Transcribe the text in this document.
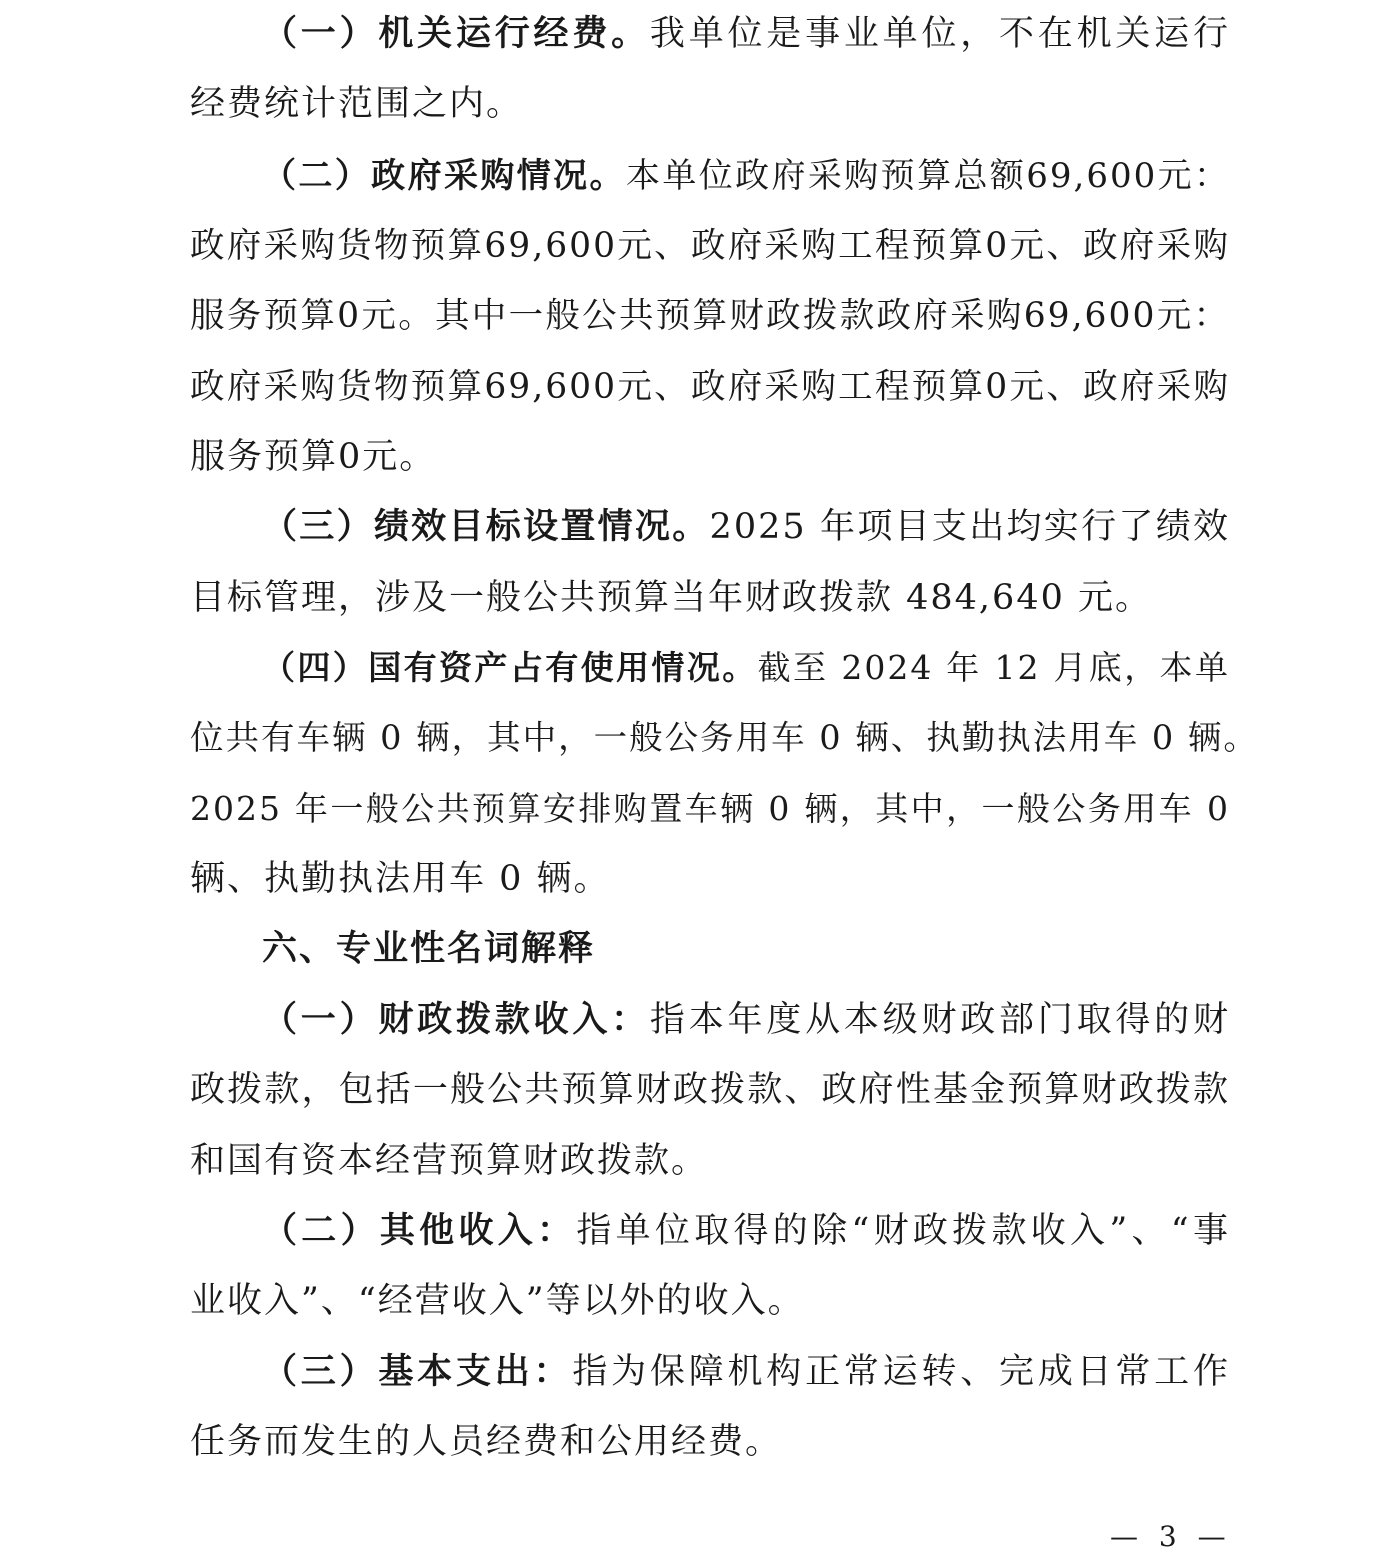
（一）机关运行经费。我单位是事业单位，不在机关运行
经费统计范围之内。
（二）政府采购情况。本单位政府采购预算总额69,600元：
政府采购货物预算69,600元、政府采购工程预算0元、政府采购
服务预算0元。其中一般公共预算财政拨款政府采购69,600元：
政府采购货物预算69,600元、政府采购工程预算0元、政府采购
服务预算0元。
（三）绩效目标设置情况。2025 年项目支出均实行了绩效
目标管理，涉及一般公共预算当年财政拨款 484,640 元。
（四）国有资产占有使用情况。截至 2024 年 12 月底，本单
位共有车辆 0 辆，其中，一般公务用车 0 辆、执勤执法用车 0 辆。
2025 年一般公共预算安排购置车辆 0 辆，其中，一般公务用车 0
辆、执勤执法用车 0 辆。
六、专业性名词解释
（一）财政拨款收入：指本年度从本级财政部门取得的财
政拨款，包括一般公共预算财政拨款、政府性基金预算财政拨款
和国有资本经营预算财政拨款。
（二）其他收入：指单位取得的除“财政拨款收入”、“事
业收入”、“经营收入”等以外的收入。
（三）基本支出：指为保障机构正常运转、完成日常工作
任务而发生的人员经费和公用经费。
— 3 —
